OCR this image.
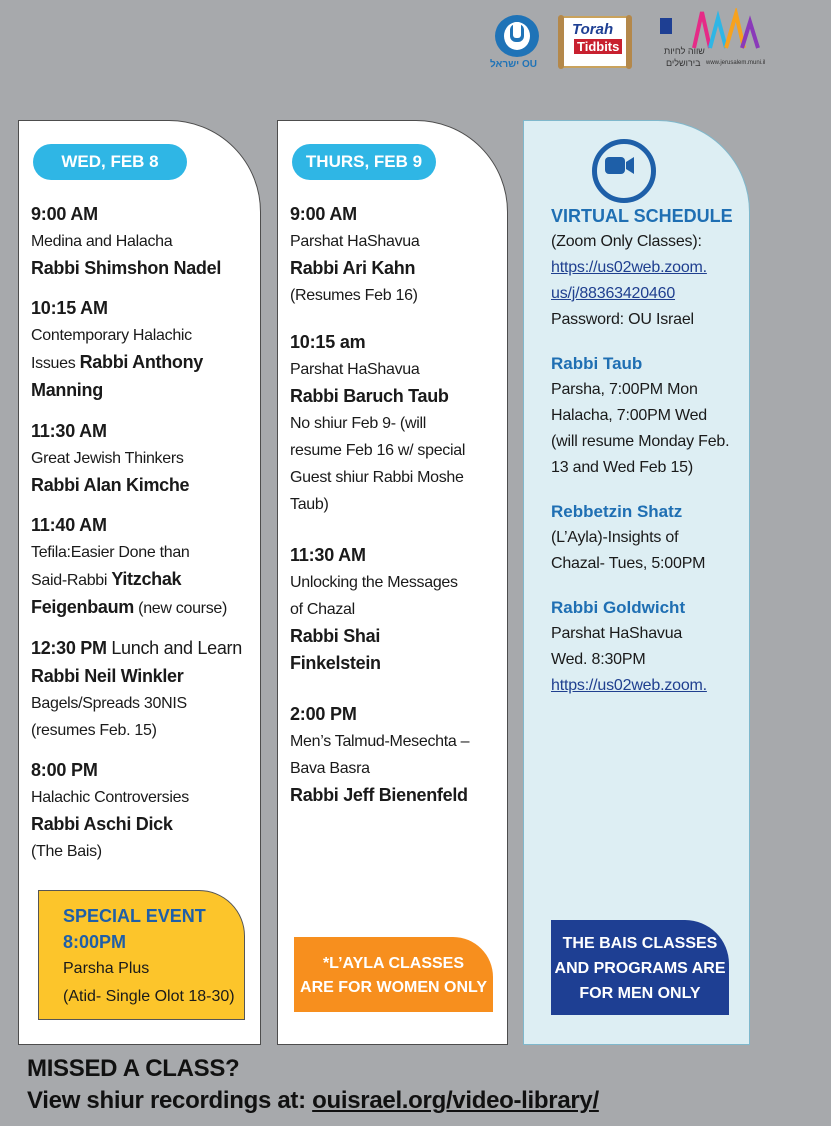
ישראל OU
Torah
Tidbits	שווה לחיות
בירושלים www.jerusalem.muni.il
WED, FEB 8
9:00 AM
Medina and Halacha
Rabbi Shimshon Nadel
10:15 AM
Contemporary Halachic
Issues Rabbi Anthony Manning
11:30 AM
Great Jewish Thinkers
Rabbi Alan Kimche
11:40 AM
Tefila:Easier Done than
Said-Rabbi Yitzchak
Feigenbaum (new course)
12:30 PM Lunch and Learn
Rabbi Neil Winkler
Bagels/Spreads 30NIS
(resumes Feb. 15)
8:00 PM
Halachic Controversies
Rabbi Aschi Dick
(The Bais)
SPECIAL EVENT
8:00PM
Parsha Plus
(Atid- Single Olot 18-30)
THURS, FEB 9
9:00 AM
Parshat HaShavua
Rabbi Ari Kahn
(Resumes Feb 16)
10:15 am
Parshat HaShavua
Rabbi Baruch Taub
No shiur Feb 9- (will
resume Feb 16 w/ special
Guest shiur Rabbi Moshe
Taub)
11:30 AM
Unlocking the Messages
of Chazal
Rabbi Shai
Finkelstein
2:00 PM
Men’s Talmud-Mesechta –
Bava Basra
Rabbi Jeff Bienenfeld
*L’AYLA CLASSES
ARE FOR WOMEN ONLY
VIRTUAL SCHEDULE
(Zoom Only Classes):
https://us02web.zoom.
us/j/88363420460
Password: OU Israel
Rabbi Taub
Parsha, 7:00PM Mon
Halacha, 7:00PM Wed
(will resume Monday Feb.
13 and Wed Feb 15)
Rebbetzin Shatz
(L’Ayla)-Insights of
Chazal- Tues, 5:00PM
Rabbi Goldwicht
Parshat HaShavua
Wed. 8:30PM
https://us02web.zoom.
THE BAIS CLASSES
AND PROGRAMS ARE
FOR MEN ONLY
MISSED A CLASS?
View shiur recordings at: ouisrael.org/video-library/
